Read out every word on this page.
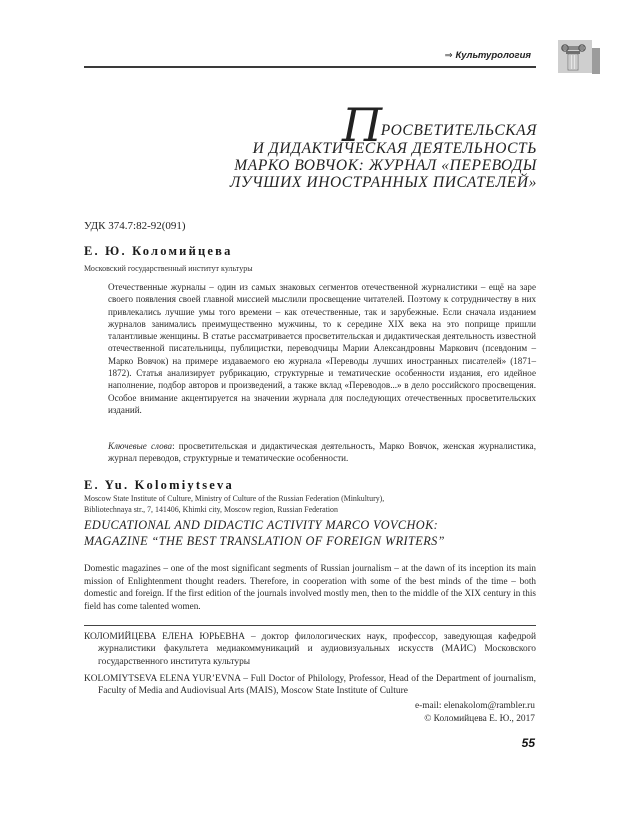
⇒ Культурология
ПРОСВЕТИТЕЛЬСКАЯ
И ДИДАКТИЧЕСКАЯ ДЕЯТЕЛЬНОСТЬ
МАРКО ВОВЧОК: ЖУРНАЛ «ПЕРЕВОДЫ
ЛУЧШИХ ИНОСТРАННЫХ ПИСАТЕЛЕЙ»
УДК 374.7:82-92(091)
Е. Ю. Коломийцева
Московский государственный институт культуры
Отечественные журналы – один из самых знаковых сегментов отечественной журналистики – ещё на заре своего появления своей главной миссией мыслили просвещение читателей. Поэтому к сотрудничеству в них привлекались лучшие умы того времени – как отечественные, так и зарубежные. Если сначала изданием журналов занимались преимущественно мужчины, то к середине XIX века на это поприще пришли талантливые женщины. В статье рассматривается просветительская и дидактическая деятельность известной отечественной писательницы, публицистки, переводчицы Марии Александровны Маркович (псевдоним – Марко Вовчок) на примере издаваемого ею журнала «Переводы лучших иностранных писателей» (1871–1872). Статья анализирует рубрикацию, структурные и тематические особенности издания, его идейное наполнение, подбор авторов и произведений, а также вклад «Переводов...» в дело российского просвещения. Особое внимание акцентируется на значении журнала для последующих отечественных просветительских изданий.
Ключевые слова: просветительская и дидактическая деятельность, Марко Вовчок, женская журналистика, журнал переводов, структурные и тематические особенности.
E. Yu. Kolomiytseva
Moscow State Institute of Culture, Ministry of Culture of the Russian Federation (Minkulturу),
Bibliotechnaya str., 7, 141406, Khimki city, Moscow region, Russian Federation
EDUCATIONAL AND DIDACTIC ACTIVITY MARCO VOVCHOK:
MAGAZINE “THE BEST TRANSLATION OF FOREIGN WRITERS”
Domestic magazines – one of the most significant segments of Russian journalism – at the dawn of its inception its main mission of Enlightenment thought readers. Therefore, in cooperation with some of the best minds of the time – both domestic and foreign. If the first edition of the journals involved mostly men, then to the middle of the XIX century in this field has come talented women.
КОЛОМИЙЦЕВА ЕЛЕНА ЮРЬЕВНА – доктор филологических наук, профессор, заведующая кафедрой журналистики факультета медиакоммуникаций и аудиовизуальных искусств (МАИС) Московского государственного института культуры
KOLOMIYTSEVA ELENA YUR’EVNA – Full Doctor of Philology, Professor, Head of the Department of journalism, Faculty of Media and Audiovisual Arts (MAIS), Moscow State Institute of Culture
e-mail: elenakolom@rambler.ru
© Коломийцева Е. Ю., 2017
55
